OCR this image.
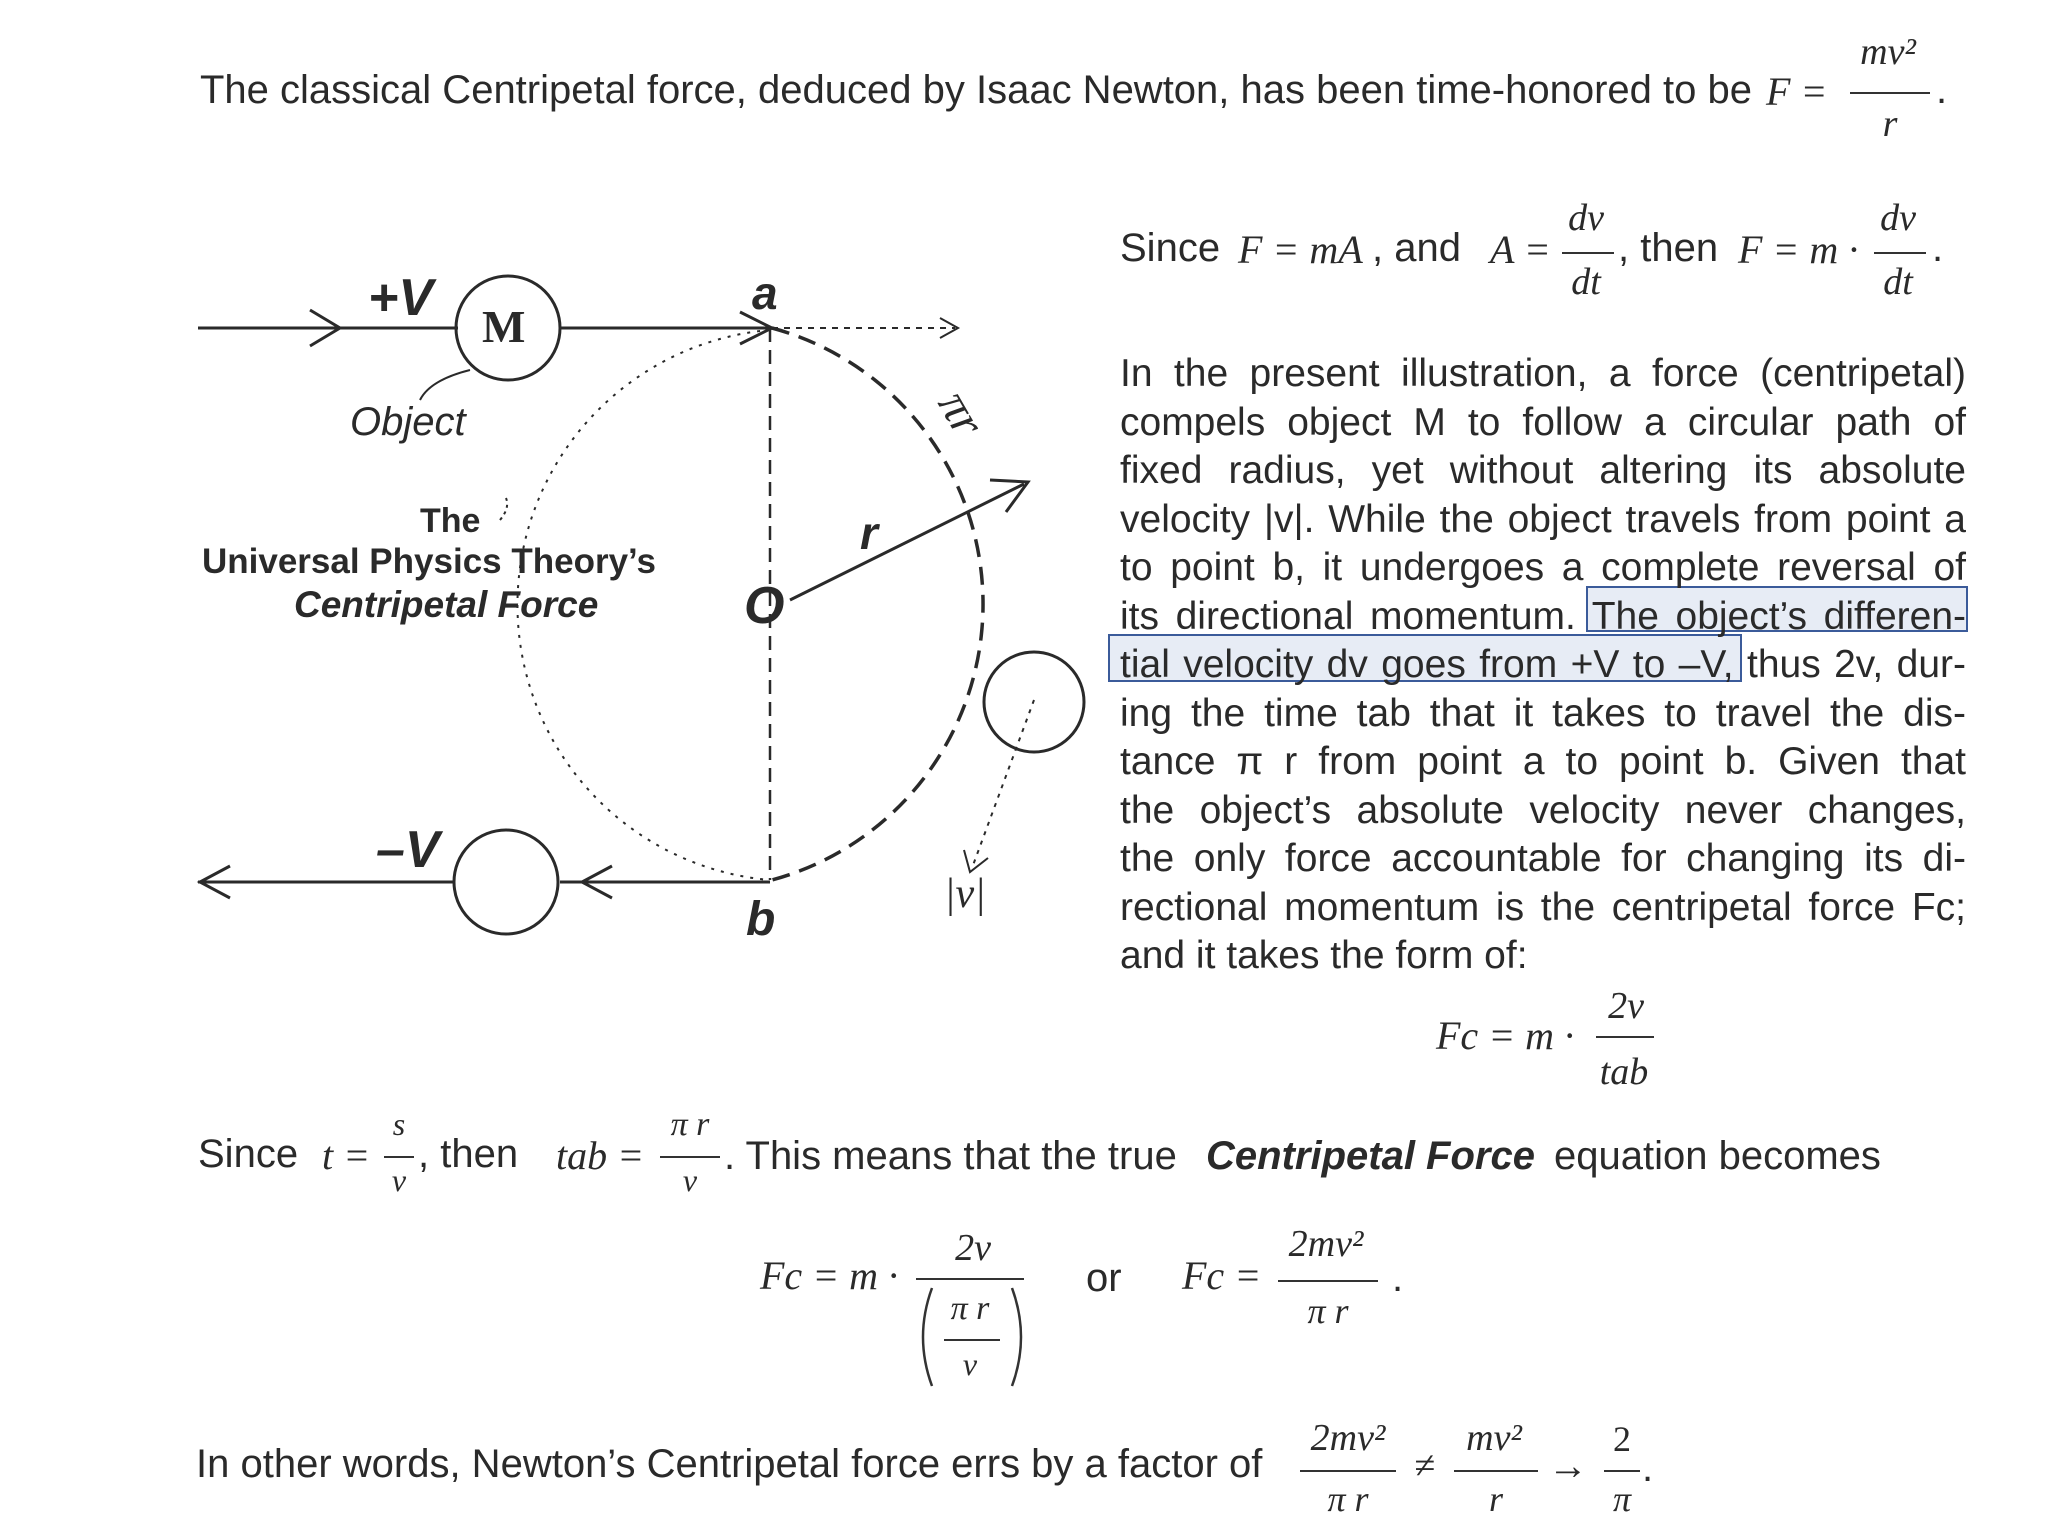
The classical Centripetal force, deduced by Isaac Newton, has been time-honored to be F =
mv²
r
.
Since F = mA , and A =
dv
dt
, then F = m ·
dv
dt
.
+V M
Object
a
πr
r
O
–V
b	|v|
The
Universal Physics Theory’s
Centripetal Force
In the present illustration, a force (centripetal)
compels object M to follow a circular path of
fixed radius, yet without altering its absolute
velocity |v|. While the object travels from point a
to point b, it undergoes a complete reversal of
its directional momentum. The object’s differen-
tial velocity dv goes from +V to –V, thus 2v, dur-
ing the time tab that it takes to travel the dis-
tance π r from point a to point b. Given that
the object’s absolute velocity never changes,
the only force accountable for changing its di-
rectional momentum is the centripetal force Fc;
and it takes the form of:
Fc = m ·
2v
tab
Since t =
s
v
, then tab =
π r
v
. This means that the true Centripetal Force equation becomes
Fc = m ·
2v
π r
v
or Fc =
2mv²
π r
.
In other words, Newton’s Centripetal force errs by a factor of
2mv²
π r
≠
mv²
r
→
2
π
.
